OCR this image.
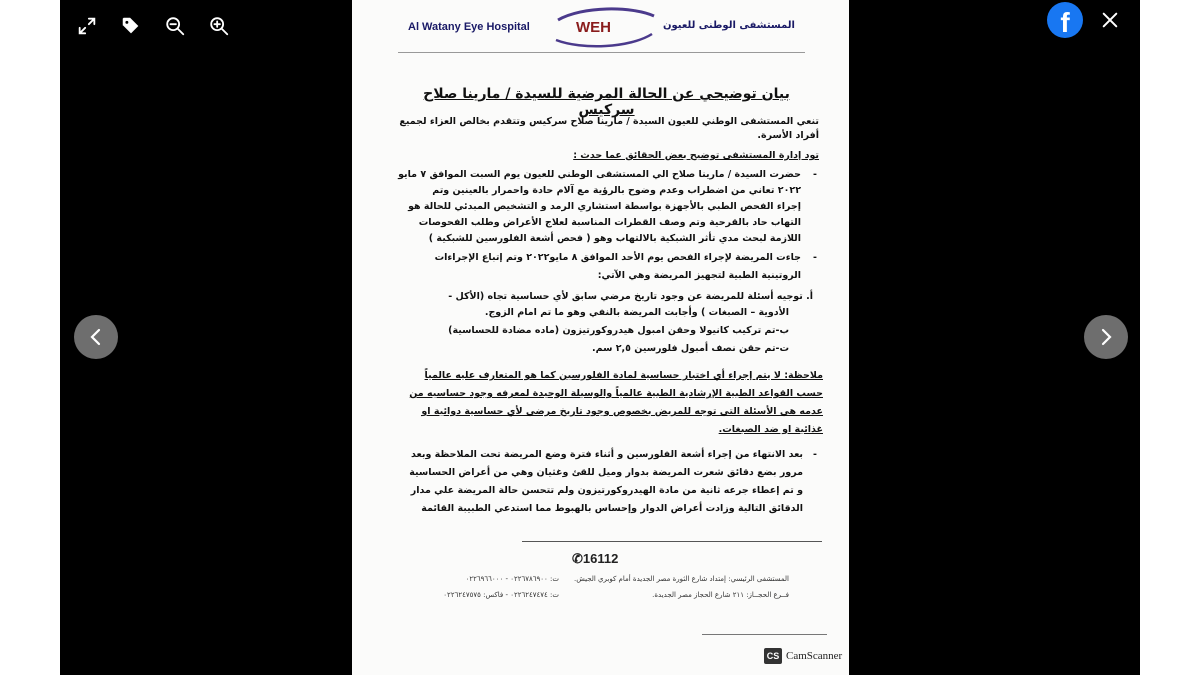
f
Al Watany Eye Hospital	WEH	المستشفى الوطنى للعيون
بيان توضيحي عن الحالة المرضية للسيدة / مارينا صلاح سركيس
تنعي المستشفى الوطني للعيون السيدة / مارينا صلاح سركيس وتتقدم بخالص العزاء لجميع
أفراد الأسرة.
تود إدارة المستشفى توضيح بعض الحقائق عما حدث :
-
حضرت السيدة / مارينا صلاح الي المستشفى الوطني للعيون يوم السبت الموافق ٧ مايو
٢٠٢٢ تعاني من اضطراب وعدم وضوح بالرؤية مع آلام حادة واحمرار بالعينين وتم
إجراء الفحص الطبي بالأجهزة بواسطة استشاري الرمد و التشخيص المبدئي للحالة هو
التهاب حاد بالقرحية وتم وصف القطرات المناسبة لعلاج الأعراض وطلب الفحوصات
اللازمة لبحث مدي تأثر الشبكية بالالتهاب وهو ( فحص أشعة الفلورسين للشبكية )
-
جاءت المريضة لإجراء الفحص يوم الأحد الموافق ٨ مايو٢٠٢٢ وتم إتباع الإجراءات
الروتينية الطبية لتجهيز المريضة وهي الآتي:
أ. توجيه أسئلة للمريضة عن وجود تاريخ مرضي سابق لأي حساسية تجاه (الأكل -
الأدوية – الصبغات ) وأجابت المريضة بالنفي وهو ما تم امام الزوج.
ب-تم تركيب كانيولا وحقن امبول هيدروكورتيزون (ماده مضادة للحساسية)
ت-تم حقن نصف أمبول فلورسين ٢,٥ سم.
ملاحظة: لا يتم إجراء أي اختبار حساسية لمادة الفلورسين كما هو المتعارف عليه عالمياً
حسب القواعد الطبية الإرشادية الطبية عالمياً والوسيلة الوحيدة لمعرفه وجود حساسيه من
عدمه هي الأسئلة التي توجه للمريض بخصوص وجود تاريخ مرضي لأي حساسية دوائية او
غذائية او ضد الصبغات.
-
بعد الانتهاء من إجراء أشعة الفلورسين و أثناء فترة وضع المريضة تحت الملاحظة وبعد
مرور بضع دقائق شعرت المريضة بدوار وميل للقئ وغثيان وهي من أعراض الحساسية
و تم إعطاء جرعه ثانية من مادة الهيدروكورتيزون ولم تتحسن حالة المريضة علي مدار
الدقائق التالية وزادت أعراض الدوار وإحساس بالهبوط مما استدعي الطبيبة القائمة
✆16112
المستشفى الرئيسي: إمتداد شارع الثورة مصر الجديدة أمام كوبري الجيش.
فــرع الحجــاز: ٢١١ شارع الحجاز مصر الجديدة.
ت: ٠٢٢٦٧٨٦٩٠٠ - ٠٢٢٦٩٦٦٠٠٠
ت: ٠٢٢٦٢٤٧٤٧٤ - فاكس: ٠٢٢٦٢٤٧٥٧٥
CS CamScanner
